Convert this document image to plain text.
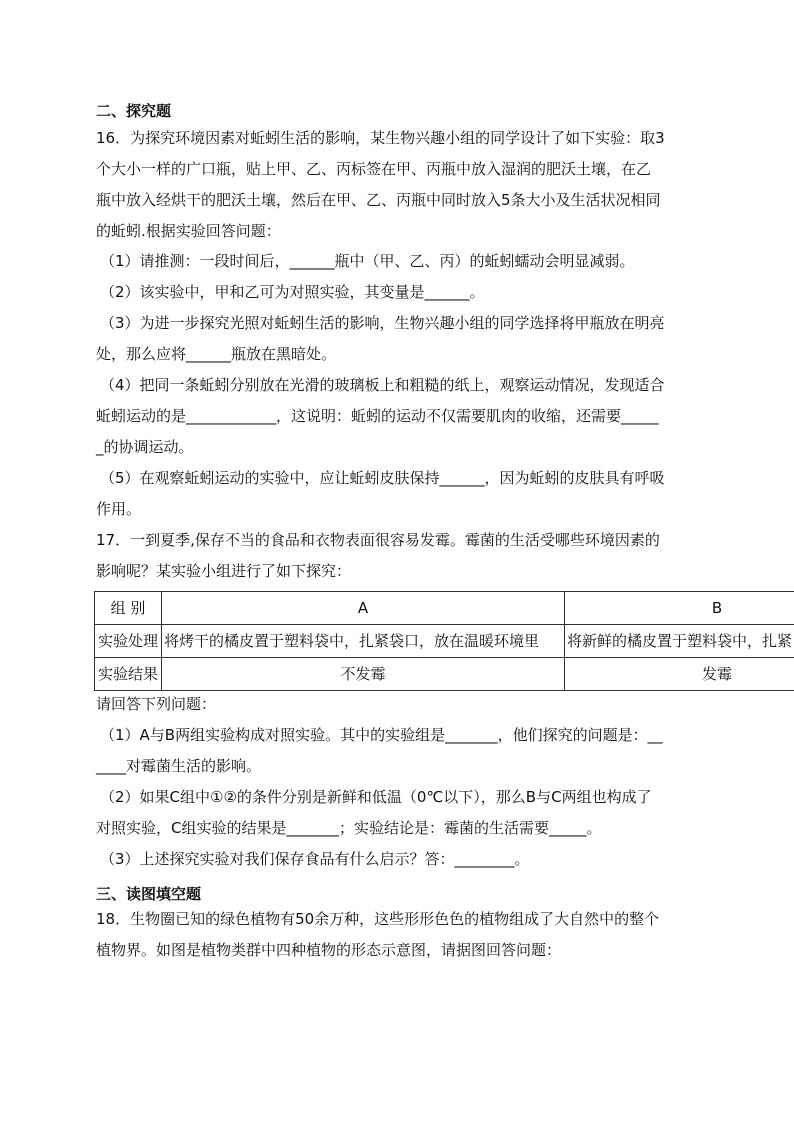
二、探究题
16．为探究环境因素对蚯蚓生活的影响，某生物兴趣小组的同学设计了如下实验：取3
个大小一样的广口瓶，贴上甲、乙、丙标签在甲、丙瓶中放入湿润的肥沃土壤，在乙
瓶中放入经烘干的肥沃土壤，然后在甲、乙、丙瓶中同时放入5条大小及生活状况相同
的蚯蚓.根据实验回答问题：
（1）请推测：一段时间后，______瓶中（甲、乙、丙）的蚯蚓蠕动会明显减弱。
（2）该实验中，甲和乙可为对照实验，其变量是______。
（3）为进一步探究光照对蚯蚓生活的影响，生物兴趣小组的同学选择将甲瓶放在明亮
处，那么应将______瓶放在黑暗处。
（4）把同一条蚯蚓分别放在光滑的玻璃板上和粗糙的纸上，观察运动情况，发现适合
蚯蚓运动的是____________，这说明：蚯蚓的运动不仅需要肌肉的收缩，还需要_____
_的协调运动。
（5）在观察蚯蚓运动的实验中，应让蚯蚓皮肤保持______，因为蚯蚓的皮肤具有呼吸
作用。
17．一到夏季,保存不当的食品和衣物表面很容易发霉。霉菌的生活受哪些环境因素的
影响呢？某实验小组进行了如下探究：
组 别	A	B
实验处理	将烤干的橘皮置于塑料袋中，扎紧袋口，放在温暖环境里	将新鲜的橘皮置于塑料袋中，扎紧
实验结果	不发霉	发霉
请回答下列问题：
（1）A与B两组实验构成对照实验。其中的实验组是_______，他们探究的问题是：__
____对霉菌生活的影响。
（2）如果C组中①②的条件分别是新鲜和低温（0℃以下），那么B与C两组也构成了
对照实验，C组实验的结果是_______；实验结论是：霉菌的生活需要_____。
（3）上述探究实验对我们保存食品有什么启示？答：________。
三、读图填空题
18．生物圈已知的绿色植物有50余万种，这些形形色色的植物组成了大自然中的整个
植物界。如图是植物类群中四种植物的形态示意图，请据图回答问题：
